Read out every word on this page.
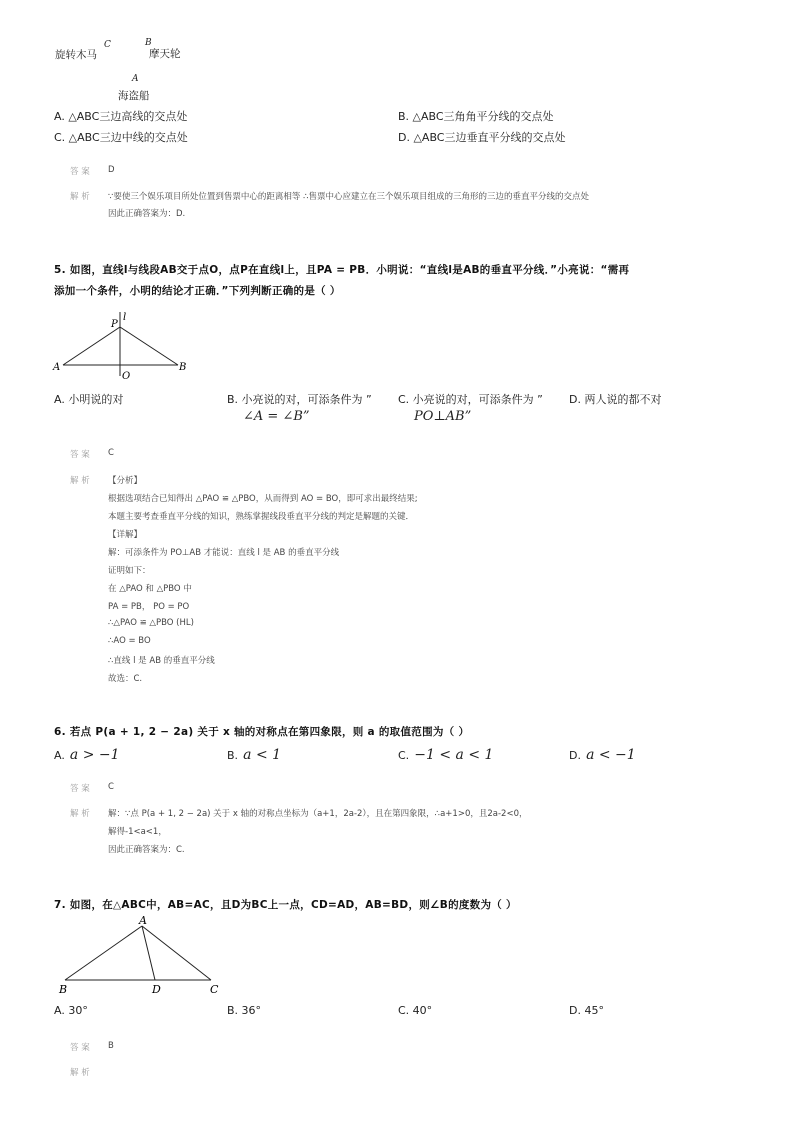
旋转木马
C	B
摩天轮
A
海盗船
A. △ABC三边高线的交点处	B. △ABC三角角平分线的交点处
C. △ABC三边中线的交点处	D. △ABC三边垂直平分线的交点处
答 案 D
解 析 ∵要使三个娱乐项目所处位置到售票中心的距离相等 ∴售票中心应建立在三个娱乐项目组成的三角形的三边的垂直平分线的交点处
因此正确答案为：D.
5. 如图，直线l与线段AB交于点O，点P在直线l上，且PA = PB．小明说：“直线l是AB的垂直平分线．”小亮说：“需再
添加一个条件，小明的结论才正确．”下列判断正确的是（ ）
l
P
A
O
B
A. 小明说的对	B. 小亮说的对，可添条件为 ”
∠A = ∠B”
C. 小亮说的对，可添条件为 ”
PO⊥AB”
D. 两人说的都不对
答 案 C
解 析 【分析】
根据选项结合已知得出 △PAO ≌ △PBO，从而得到 AO = BO，即可求出最终结果;
本题主要考查垂直平分线的知识，熟练掌握线段垂直平分线的判定是解题的关键．
【详解】
解：可添条件为 PO⊥AB 才能说：直线 l 是 AB 的垂直平分线
证明如下：
在 △PAO 和 △PBO 中
PA = PB， PO = PO
∴△PAO ≌ △PBO (HL)
∴AO = BO
∴直线 l 是 AB 的垂直平分线
故选：C.
6. 若点 P(a + 1, 2 − 2a) 关于 x 轴的对称点在第四象限，则 a 的取值范围为（ ）
A. a > −1	B. a < 1	C. −1 < a < 1	D. a < −1
答 案 C
解 析 解：∵点 P(a + 1, 2 − 2a) 关于 x 轴的对称点坐标为（a+1，2a-2），且在第四象限，∴a+1>0，且2a-2<0，
解得-1<a<1，
因此正确答案为：C.
7. 如图，在△ABC中，AB=AC，且D为BC上一点，CD=AD，AB=BD，则∠B的度数为（ ）
A
B	D	C
A. 30°	B. 36°	C. 40°	D. 45°
答 案 B
解 析
